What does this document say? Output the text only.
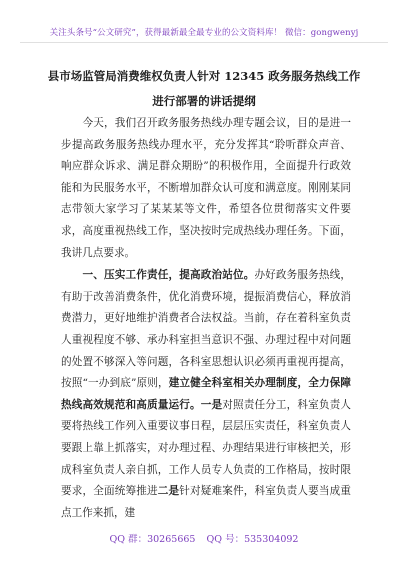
关注头条号“公文研究”，获得最新最全最专业的公文资料库！ 微信：gongwenyj
县市场监管局消费维权负责人针对 12345 政务服务热线工作
进行部署的讲话提纲

今天，我们召开政务服务热线办理专题会议，目的是进一步提高政务服务热线办理水平，充分发挥其“聆听群众声音、响应群众诉求、满足群众期盼”的积极作用，全面提升行政效能和为民服务水平，不断增加群众认可度和满意度。刚刚某同志带领大家学习了某某某等文件，希望各位贯彻落实文件要求，高度重视热线工作，坚决按时完成热线办理任务。下面，我讲几点要求。

一、压实工作责任，提高政治站位。办好政务服务热线，有助于改善消费条件，优化消费环境，提振消费信心，释放消费潜力，更好地维护消费者合法权益。当前，存在着科室负责人重视程度不够、承办科室担当意识不强、办理过程中对问题的处置不够深入等问题，各科室思想认识必须再重视再提高，按照“一办到底”原则，建立健全科室相关办理制度，全力保障热线高效规范和高质量运行。一是对照责任分工，科室负责人要将热线工作列入重要议事日程，层层压实责任，科室负责人要跟上靠上抓落实，对办理过程、办理结果进行审核把关，形成科室负责人亲自抓，工作人员专人负责的工作格局，按时限要求，全面统筹推进二是针对疑难案件，科室负责人要当成重点工作来抓，建

QQ 群：30265665 QQ 号：535304092
